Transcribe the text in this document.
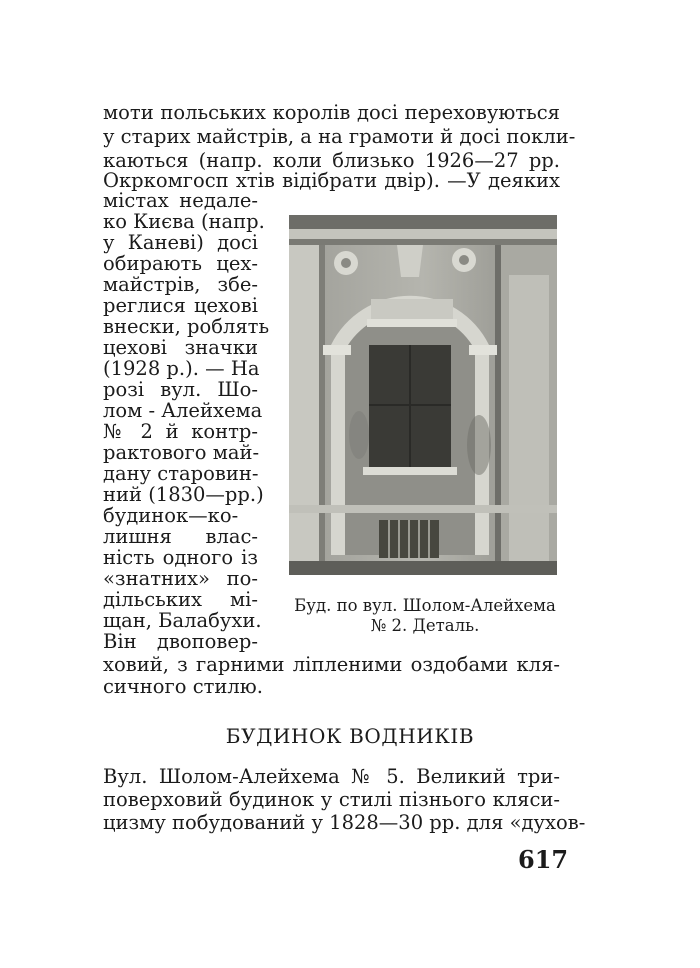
моти польських королів досі переховуються
у старих майстрів, а на грамоти й досі покли-
каються (напр. коли близько 1926—27 рр.
Окркомгосп хтів відібрати двір). —У деяких
містах недале-
ко Києва (напр.
у Каневі) досі
обирають цех-
майстрів, збе-
реглися цехові
внески, роблять
цехові значки
(1928 р.). — На
розі вул. Шо-
лом - Алейхема
№ 2 й контр-
рактового май-
дану старовин-
ний (1830—рр.)
будинок—ко-
лишня влас-
ність одного із
«знатних» по-
дільських мі-
щан, Балабухи.
Він двоповер-
ховий, з гарними ліпленими оздобами кля-
сичного стилю.
Буд. по вул. Шолом-Алейхема
№ 2. Деталь.
БУДИНОК ВОДНИКІВ
Вул. Шолом-Алейхема № 5. Великий три-
поверховий будинок у стилі пізнього кляси-
цизму побудований у 1828—30 рр. для «духов-
617
